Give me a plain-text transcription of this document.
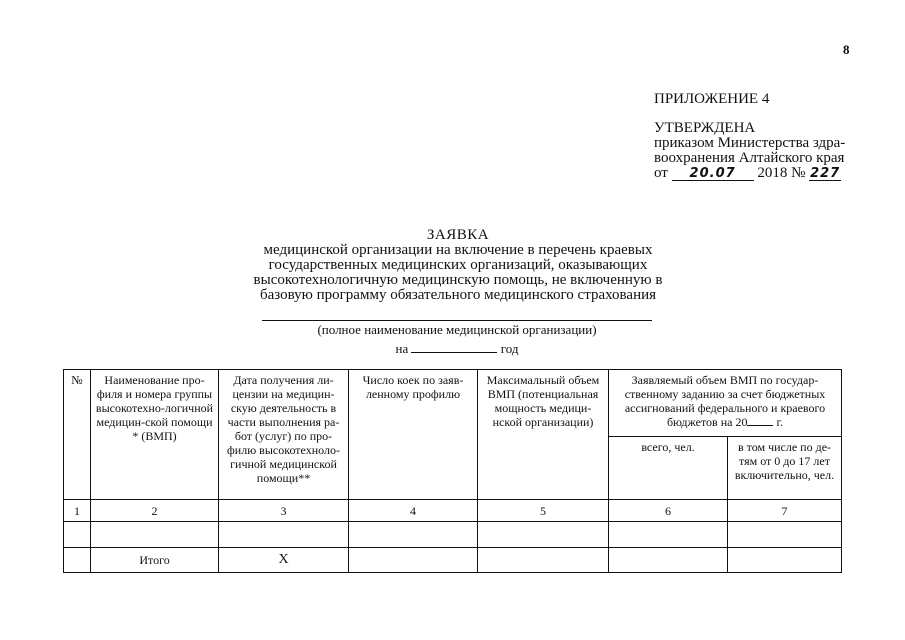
8
ПРИЛОЖЕНИЕ 4
УТВЕРЖДЕНА
приказом Министерства здра-
воохранения Алтайского края
от 20.07 2018 № 227
ЗАЯВКА
медицинской организации на включение в перечень краевых
государственных медицинских организаций, оказывающих
высокотехнологичную медицинскую помощь, не включенную в
базовую программу обязательного медицинского страхования
(полное наименование медицинской организации)
на	год
№	Наименование про-филя и номера группы высокотехно-логичной медицин-ской помощи * (ВМП)	Дата получения ли-цензии на медицин-скую деятельность в части выполнения ра-бот (услуг) по про-филю высокотехноло-гичной медицинской помощи**	Число коек по заяв-ленному профилю	Максимальный объем ВМП (потенциальная мощность медици-нской организации)	Заявляемый объем ВМП по государ-ственному заданию за счет бюджетных ассигнований федерального и краевого бюджетов на 20 г.	
					всего, чел.	в том числе по де-тям от 0 до 17 лет включительно, чел.
1	2	3	4	5	6	7

	Итого	Х				
